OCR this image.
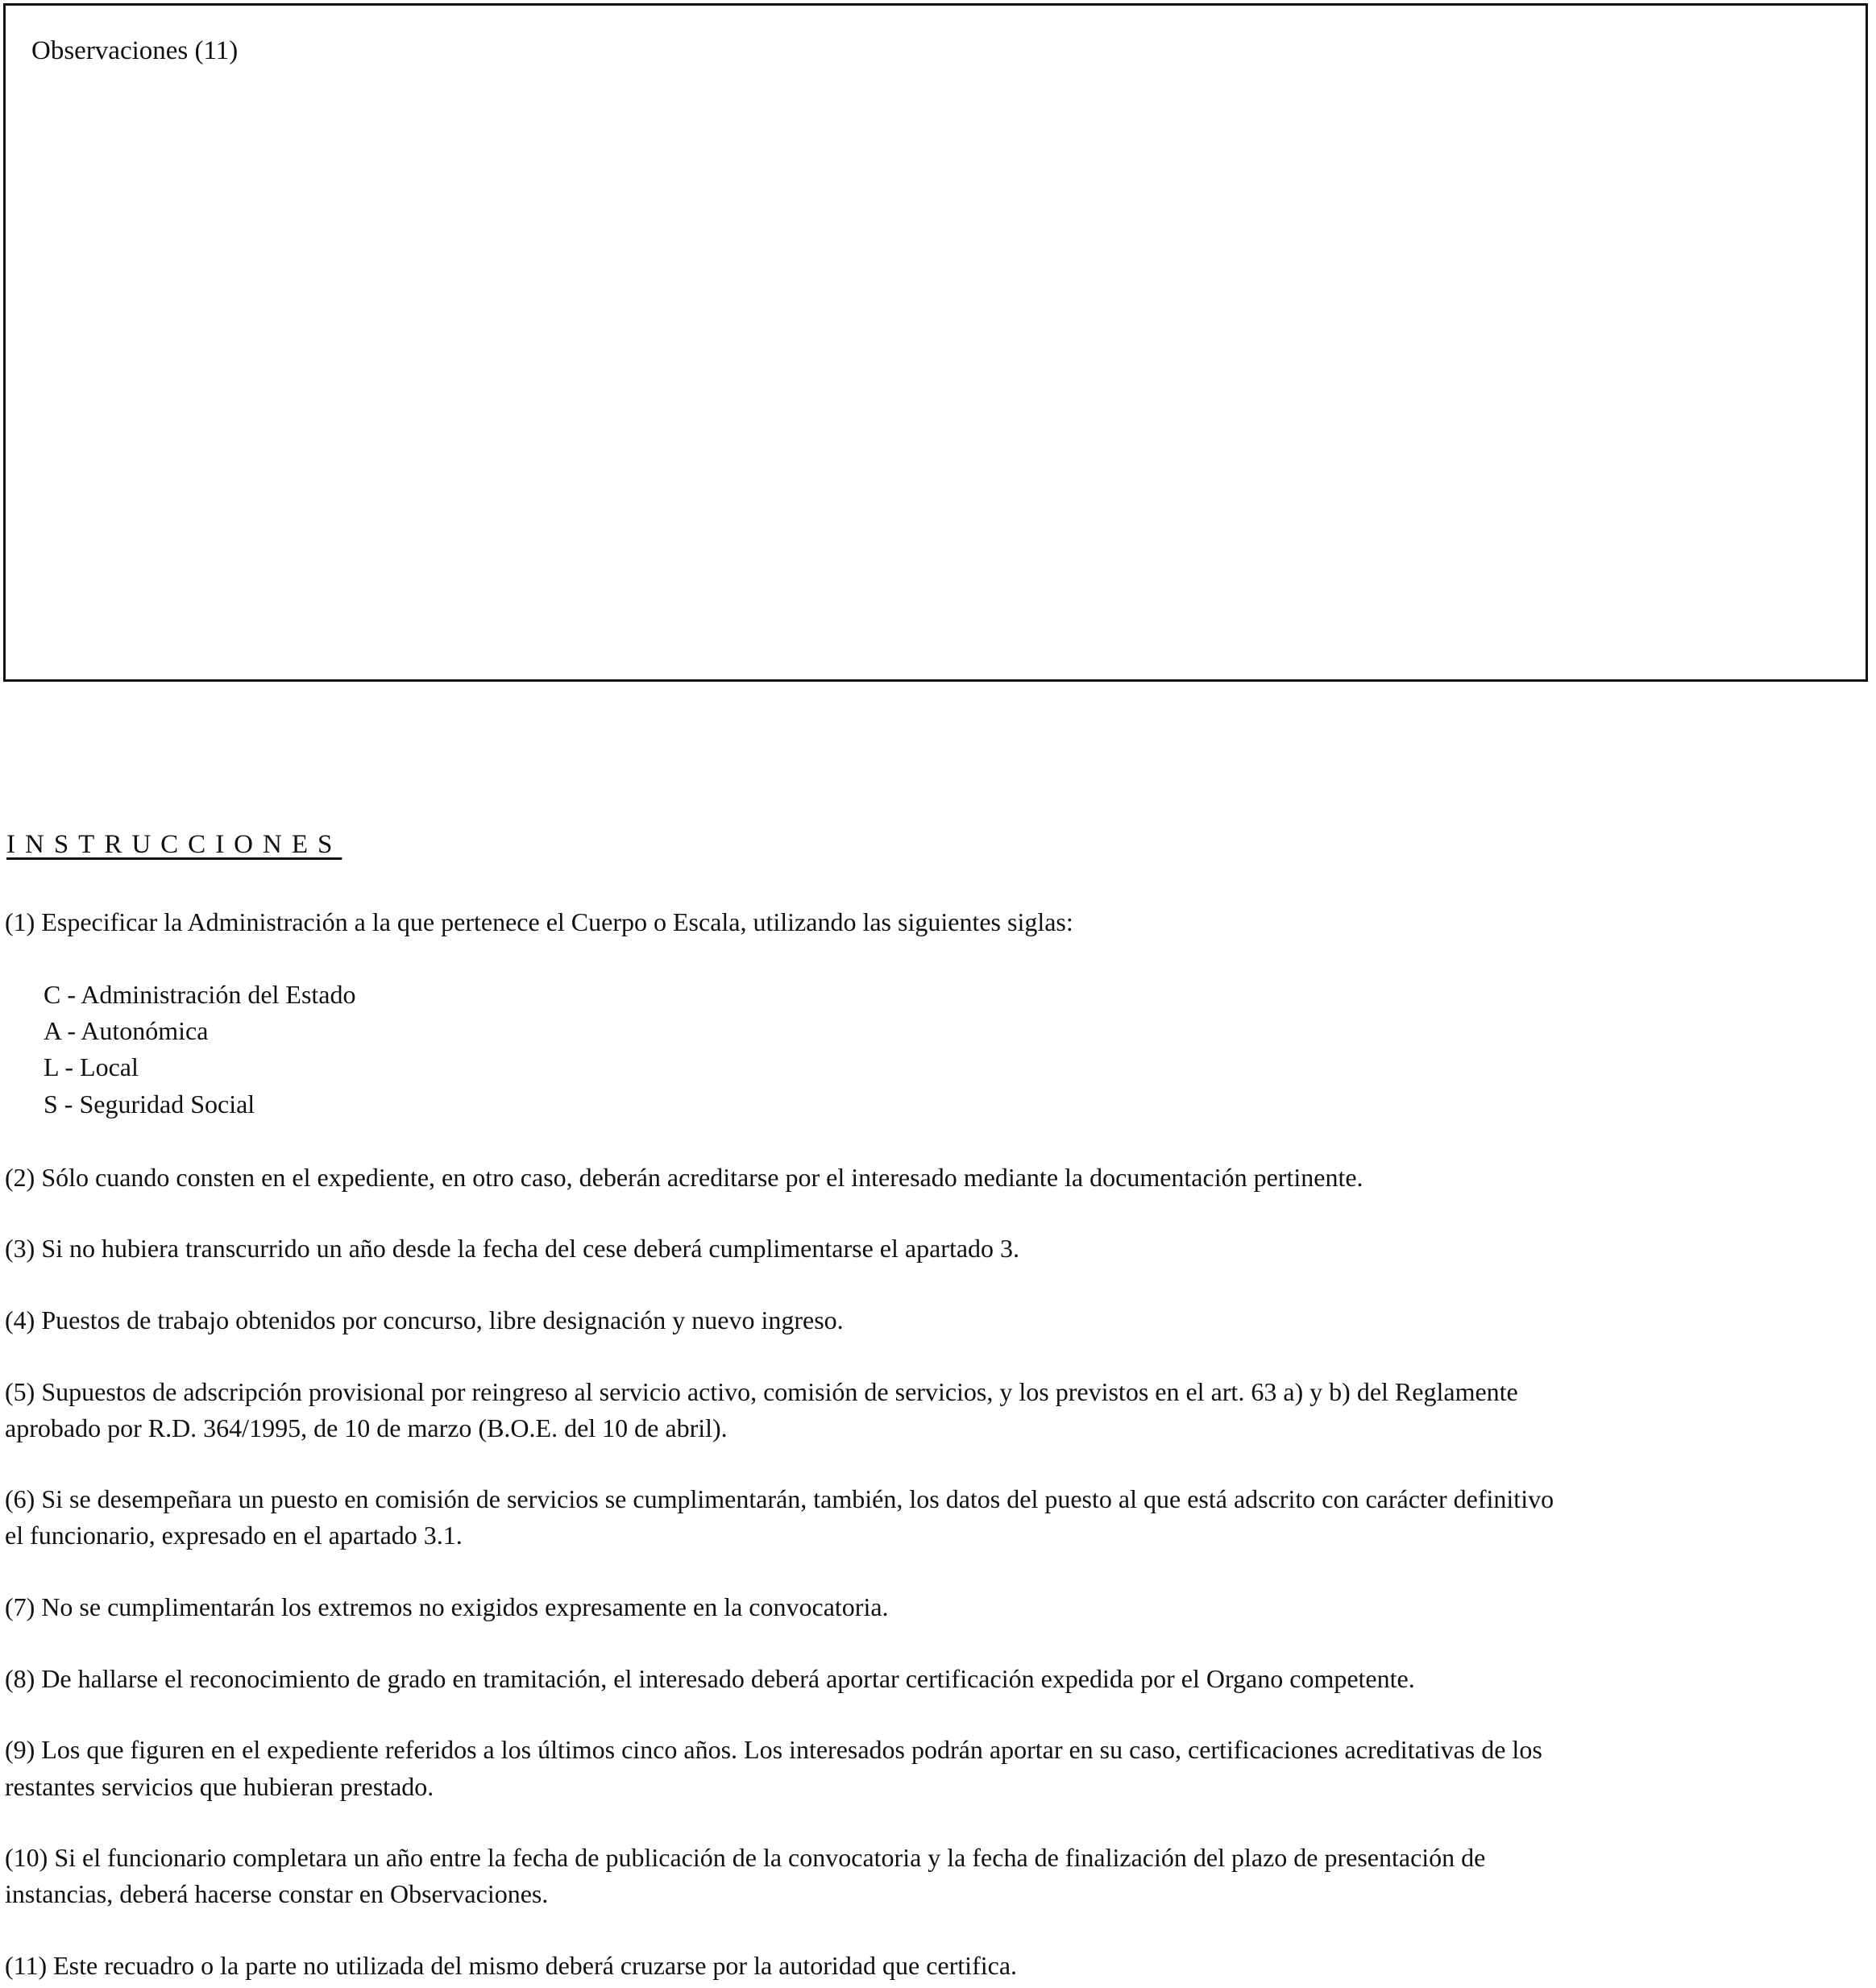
Observaciones (11)
INSTRUCCIONES
(1) Especificar la Administración a la que pertenece el Cuerpo o Escala, utilizando las siguientes siglas:
C - Administración del Estado
A - Autonómica
L - Local
S - Seguridad Social
(2) Sólo cuando consten en el expediente, en otro caso, deberán acreditarse por el interesado mediante la documentación pertinente.
(3) Si no hubiera transcurrido un año desde la fecha del cese deberá cumplimentarse el apartado 3.
(4) Puestos de trabajo obtenidos por concurso, libre designación y nuevo ingreso.
(5) Supuestos de adscripción provisional por reingreso al servicio activo, comisión de servicios, y los previstos en el art. 63 a) y b) del Reglamente
aprobado por R.D. 364/1995, de 10 de marzo (B.O.E. del 10 de abril).
(6) Si se desempeñara un puesto en comisión de servicios se cumplimentarán, también, los datos del puesto al que está adscrito con carácter definitivo
el funcionario, expresado en el apartado 3.1.
(7) No se cumplimentarán los extremos no exigidos expresamente en la convocatoria.
(8) De hallarse el reconocimiento de grado en tramitación, el interesado deberá aportar certificación expedida por el Organo competente.
(9) Los que figuren en el expediente referidos a los últimos cinco años. Los interesados podrán aportar en su caso, certificaciones acreditativas de los
restantes servicios que hubieran prestado.
(10) Si el funcionario completara un año entre la fecha de publicación de la convocatoria y la fecha de finalización del plazo de presentación de
instancias, deberá hacerse constar en Observaciones.
(11) Este recuadro o la parte no utilizada del mismo deberá cruzarse por la autoridad que certifica.
